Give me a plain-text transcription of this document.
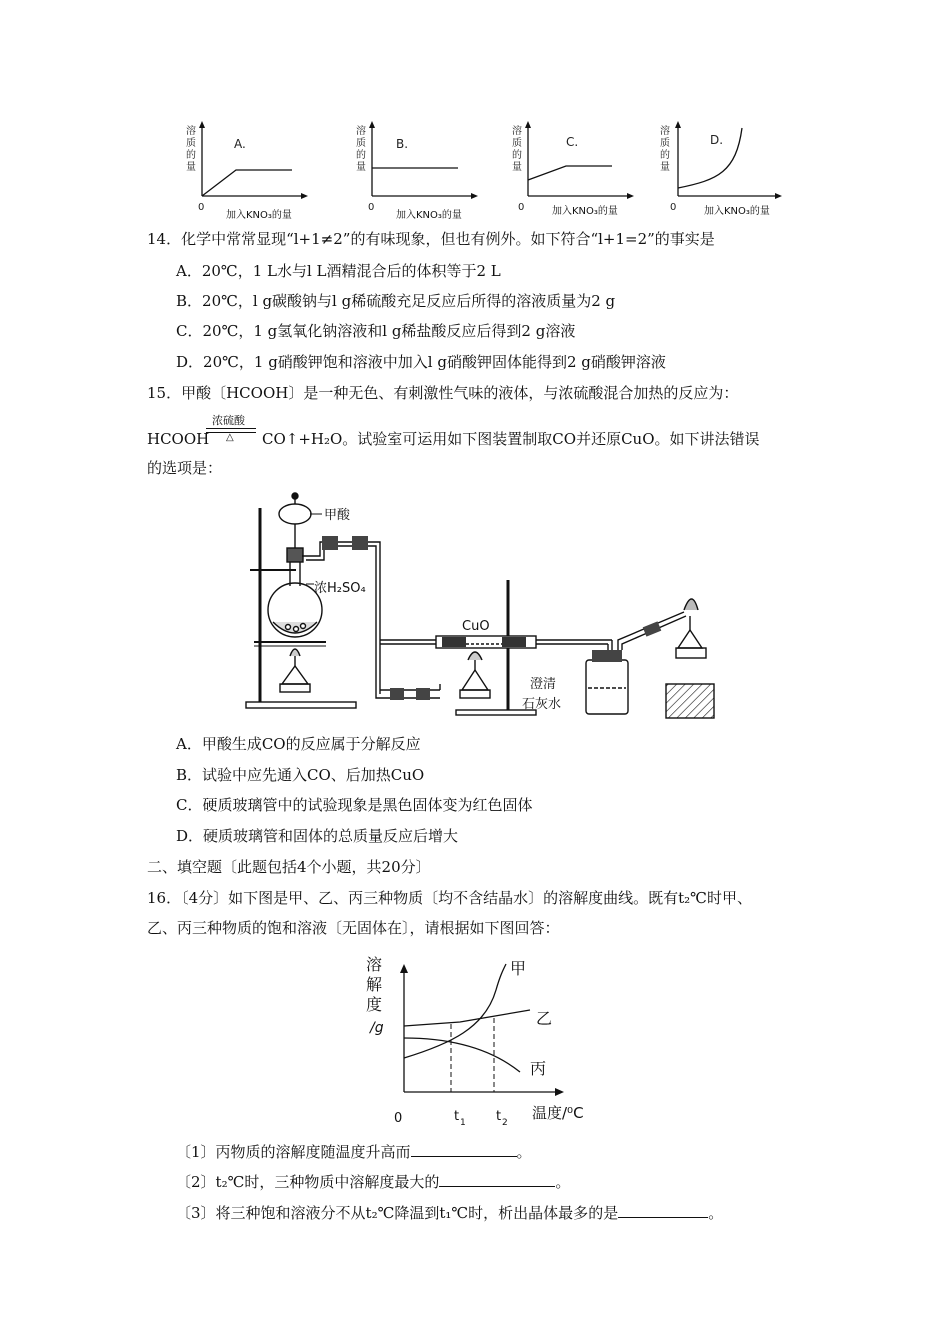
溶
质
的
量
A.
0
溶
质
的
量
B.
0
溶
质
的
量
C.
0
溶
质
的
量
D.
0
加入KNO₃的量	加入KNO₃的量	加入KNO₃的量	加入KNO₃的量
14．化学中常常显现“l+1≠2”的有味现象，但也有例外。如下符合“l+1=2”的事实是
A．20℃，1 L水与l L酒精混合后的体积等于2 L
B．20℃，l g碳酸钠与l g稀硫酸充足反应后所得的溶液质量为2 g
C．20℃，1 g氢氧化钠溶液和l g稀盐酸反应后得到2 g溶液
D．20℃，1 g硝酸钾饱和溶液中加入l g硝酸钾固体能得到2 g硝酸钾溶液
15．甲酸〔HCOOH〕是一种无色、有刺激性气味的液体，与浓硫酸混合加热的反应为：
HCOOH
浓硫酸
△ CO↑+H₂O。试验室可运用如下图装置制取CO并还原CuO。如下讲法错误
的选项是：
甲酸
浓H₂SO₄
CuO
澄清
石灰水
A．甲酸生成CO的反应属于分解反应
B．试验中应先通入CO、后加热CuO
C．硬质玻璃管中的试验现象是黑色固体变为红色固体
D．硬质玻璃管和固体的总质量反应后增大
二、填空题〔此题包括4个小题，共20分〕
16．〔4分〕如下图是甲、乙、丙三种物质〔均不含结晶水〕的溶解度曲线。既有t₂℃时甲、
乙、丙三种物质的饱和溶液〔无固体在〕，请根据如下图回答：
溶
解
度
/g
甲
乙
丙
0	t 1 t 2
温度/⁰C
〔1〕丙物质的溶解度随温度升高而	。
〔2〕t₂℃时，三种物质中溶解度最大的	。
〔3〕将三种饱和溶液分不从t₂℃降温到t₁℃时，析出晶体最多的是	。
